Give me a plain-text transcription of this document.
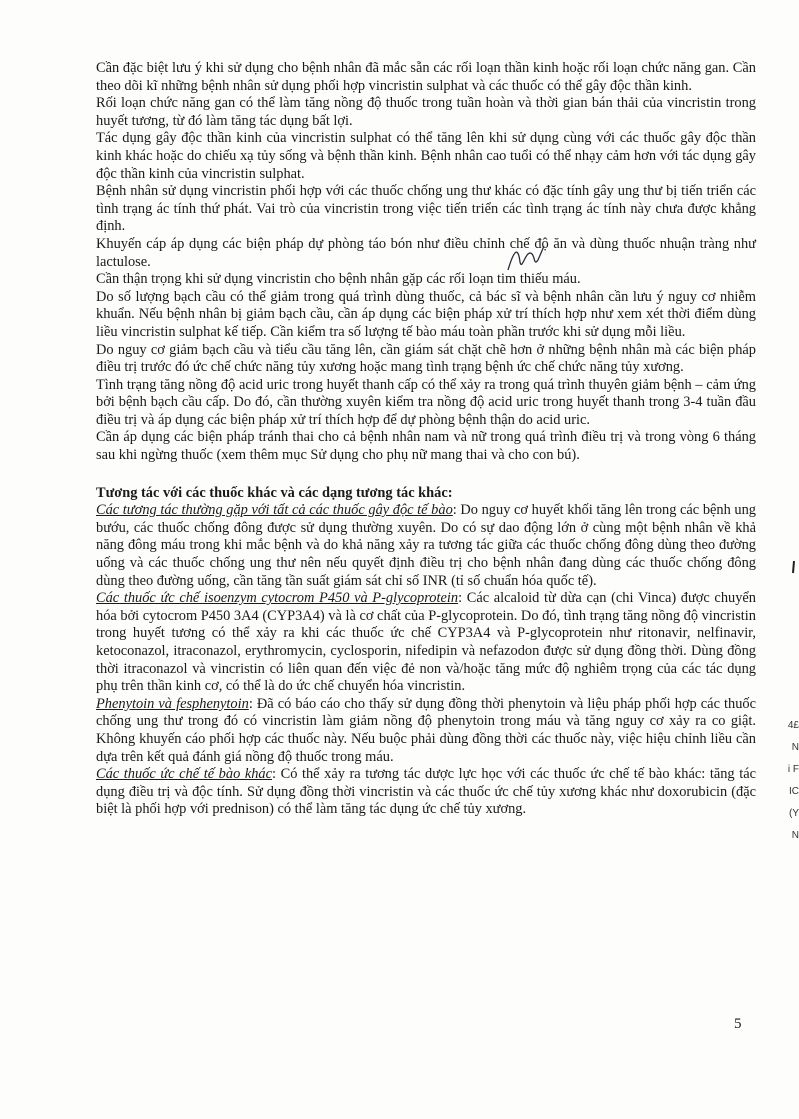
Cần đặc biệt lưu ý khi sử dụng cho bệnh nhân đã mắc sẵn các rối loạn thần kinh hoặc rối loạn chức năng gan. Cần theo dõi kĩ những bệnh nhân sử dụng phối hợp vincristin sulphat và các thuốc có thể gây độc thần kinh.

Rối loạn chức năng gan có thể làm tăng nồng độ thuốc trong tuần hoàn và thời gian bán thải của vincristin trong huyết tương, từ đó làm tăng tác dụng bất lợi.

Tác dụng gây độc thần kinh của vincristin sulphat có thể tăng lên khi sử dụng cùng với các thuốc gây độc thần kinh khác hoặc do chiếu xạ tủy sống và bệnh thần kinh. Bệnh nhân cao tuổi có thể nhạy cảm hơn với tác dụng gây độc thần kinh của vincristin sulphat.

Bệnh nhân sử dụng vincristin phối hợp với các thuốc chống ung thư khác có đặc tính gây ung thư bị tiến triển các tình trạng ác tính thứ phát. Vai trò của vincristin trong việc tiến triển các tình trạng ác tính này chưa được khẳng định.

Khuyến cáp áp dụng các biện pháp dự phòng táo bón như điều chỉnh chế độ ăn và dùng thuốc nhuận tràng như lactulose.

Cần thận trọng khi sử dụng vincristin cho bệnh nhân gặp các rối loạn tim thiếu máu.

Do số lượng bạch cầu có thể giảm trong quá trình dùng thuốc, cả bác sĩ và bệnh nhân cần lưu ý nguy cơ nhiễm khuẩn. Nếu bệnh nhân bị giảm bạch cầu, cần áp dụng các biện pháp xử trí thích hợp như xem xét thời điểm dùng liều vincristin sulphat kế tiếp. Cần kiểm tra số lượng tế bào máu toàn phần trước khi sử dụng mỗi liều.

Do nguy cơ giảm bạch cầu và tiểu cầu tăng lên, cần giám sát chặt chẽ hơn ở những bệnh nhân mà các biện pháp điều trị trước đó ức chế chức năng tủy xương hoặc mang tình trạng bệnh ức chế chức năng tủy xương.

Tình trạng tăng nồng độ acid uric trong huyết thanh cấp có thể xảy ra trong quá trình thuyên giảm bệnh – cảm ứng bởi bệnh bạch cầu cấp. Do đó, cần thường xuyên kiểm tra nồng độ acid uric trong huyết thanh trong 3-4 tuần đầu điều trị và áp dụng các biện pháp xử trí thích hợp để dự phòng bệnh thận do acid uric.

Cần áp dụng các biện pháp tránh thai cho cả bệnh nhân nam và nữ trong quá trình điều trị và trong vòng 6 tháng sau khi ngừng thuốc (xem thêm mục Sử dụng cho phụ nữ mang thai và cho con bú).

Tương tác với các thuốc khác và các dạng tương tác khác:

Các tương tác thường gặp với tất cả các thuốc gây độc tế bào: Do nguy cơ huyết khối tăng lên trong các bệnh ung bướu, các thuốc chống đông được sử dụng thường xuyên. Do có sự dao động lớn ở cùng một bệnh nhân về khả năng đông máu trong khi mắc bệnh và do khả năng xảy ra tương tác giữa các thuốc chống đông dùng theo đường uống và các thuốc chống ung thư nên nếu quyết định điều trị cho bệnh nhân đang dùng các thuốc chống đông dùng theo đường uống, cần tăng tần suất giám sát chỉ số INR (tỉ số chuẩn hóa quốc tế).

Các thuốc ức chế isoenzym cytocrom P450 và P-glycoprotein: Các alcaloid từ dừa cạn (chi Vinca) được chuyển hóa bởi cytocrom P450 3A4 (CYP3A4) và là cơ chất của P-glycoprotein. Do đó, tình trạng tăng nồng độ vincristin trong huyết tương có thể xảy ra khi các thuốc ức chế CYP3A4 và P-glycoprotein như ritonavir, nelfinavir, ketoconazol, itraconazol, erythromycin, cyclosporin, nifedipin và nefazodon được sử dụng đồng thời. Dùng đồng thời itraconazol và vincristin có liên quan đến việc đẻ non và/hoặc tăng mức độ nghiêm trọng của các tác dụng phụ trên thần kinh cơ, có thể là do ức chế chuyển hóa vincristin.

Phenytoin và fesphenytoin: Đã có báo cáo cho thấy sử dụng đồng thời phenytoin và liệu pháp phối hợp các thuốc chống ung thư trong đó có vincristin làm giảm nồng độ phenytoin trong máu và tăng nguy cơ xảy ra co giật. Không khuyến cáo phối hợp các thuốc này. Nếu buộc phải dùng đồng thời các thuốc này, việc hiệu chỉnh liều cần dựa trên kết quả đánh giá nồng độ thuốc trong máu.

Các thuốc ức chế tế bào khác: Có thể xảy ra tương tác dược lực học với các thuốc ức chế tế bào khác: tăng tác dụng điều trị và độc tính. Sử dụng đồng thời vincristin và các thuốc ức chế tủy xương khác như doxorubicin (đặc biệt là phối hợp với prednison) có thể làm tăng tác dụng ức chế tủy xương.

4£
N
i F
IC
(Y
N
5
